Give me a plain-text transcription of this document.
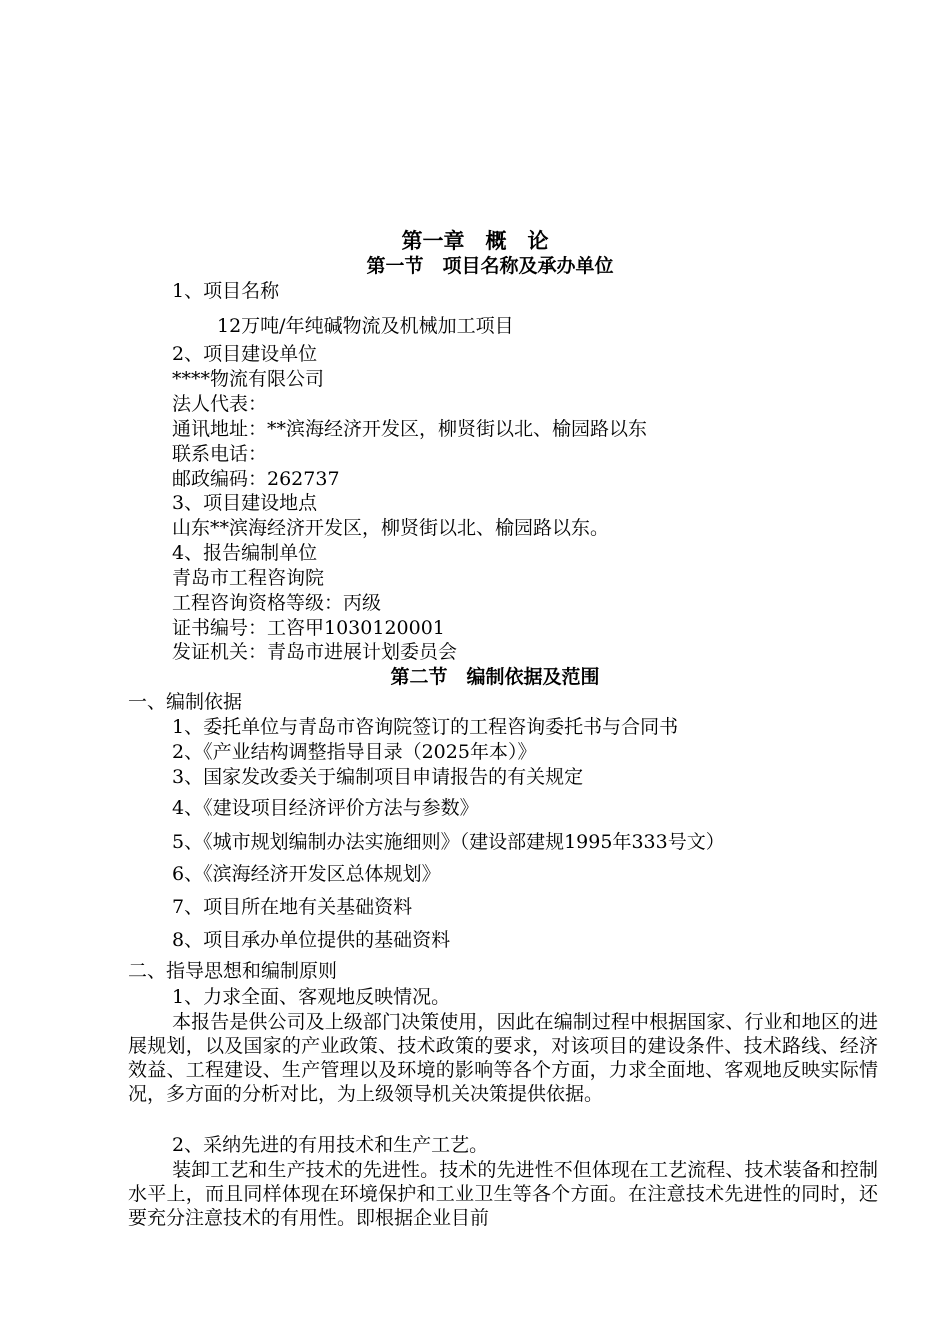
第一章　概　论
第一节　项目名称及承办单位
1、项目名称
12万吨/年纯碱物流及机械加工项目
2、项目建设单位
****物流有限公司
法人代表：
通讯地址：**滨海经济开发区，柳贤街以北、榆园路以东
联系电话：
邮政编码：262737
3、项目建设地点
山东**滨海经济开发区，柳贤街以北、榆园路以东。
4、报告编制单位
青岛市工程咨询院
工程咨询资格等级：丙级
证书编号：工咨甲1030120001
发证机关：青岛市进展计划委员会
第二节　编制依据及范围
一、编制依据
1、委托单位与青岛市咨询院签订的工程咨询委托书与合同书
2、《产业结构调整指导目录（2025年本）》
3、国家发改委关于编制项目申请报告的有关规定
4、《建设项目经济评价方法与参数》
5、《城市规划编制办法实施细则》（建设部建规1995年333号文）
6、《滨海经济开发区总体规划》
7、项目所在地有关基础资料
8、项目承办单位提供的基础资料
二、指导思想和编制原则
1、力求全面、客观地反映情况。
本报告是供公司及上级部门决策使用，因此在编制过程中根据国家、行业和地区的进展规划，以及国家的产业政策、技术政策的要求，对该项目的建设条件、技术路线、经济效益、工程建设、生产管理以及环境的影响等各个方面，力求全面地、客观地反映实际情况，多方面的分析对比，为上级领导机关决策提供依据。
2、采纳先进的有用技术和生产工艺。
装卸工艺和生产技术的先进性。技术的先进性不但体现在工艺流程、技术装备和控制水平上，而且同样体现在环境保护和工业卫生等各个方面。在注意技术先进性的同时，还要充分注意技术的有用性。即根据企业目前
